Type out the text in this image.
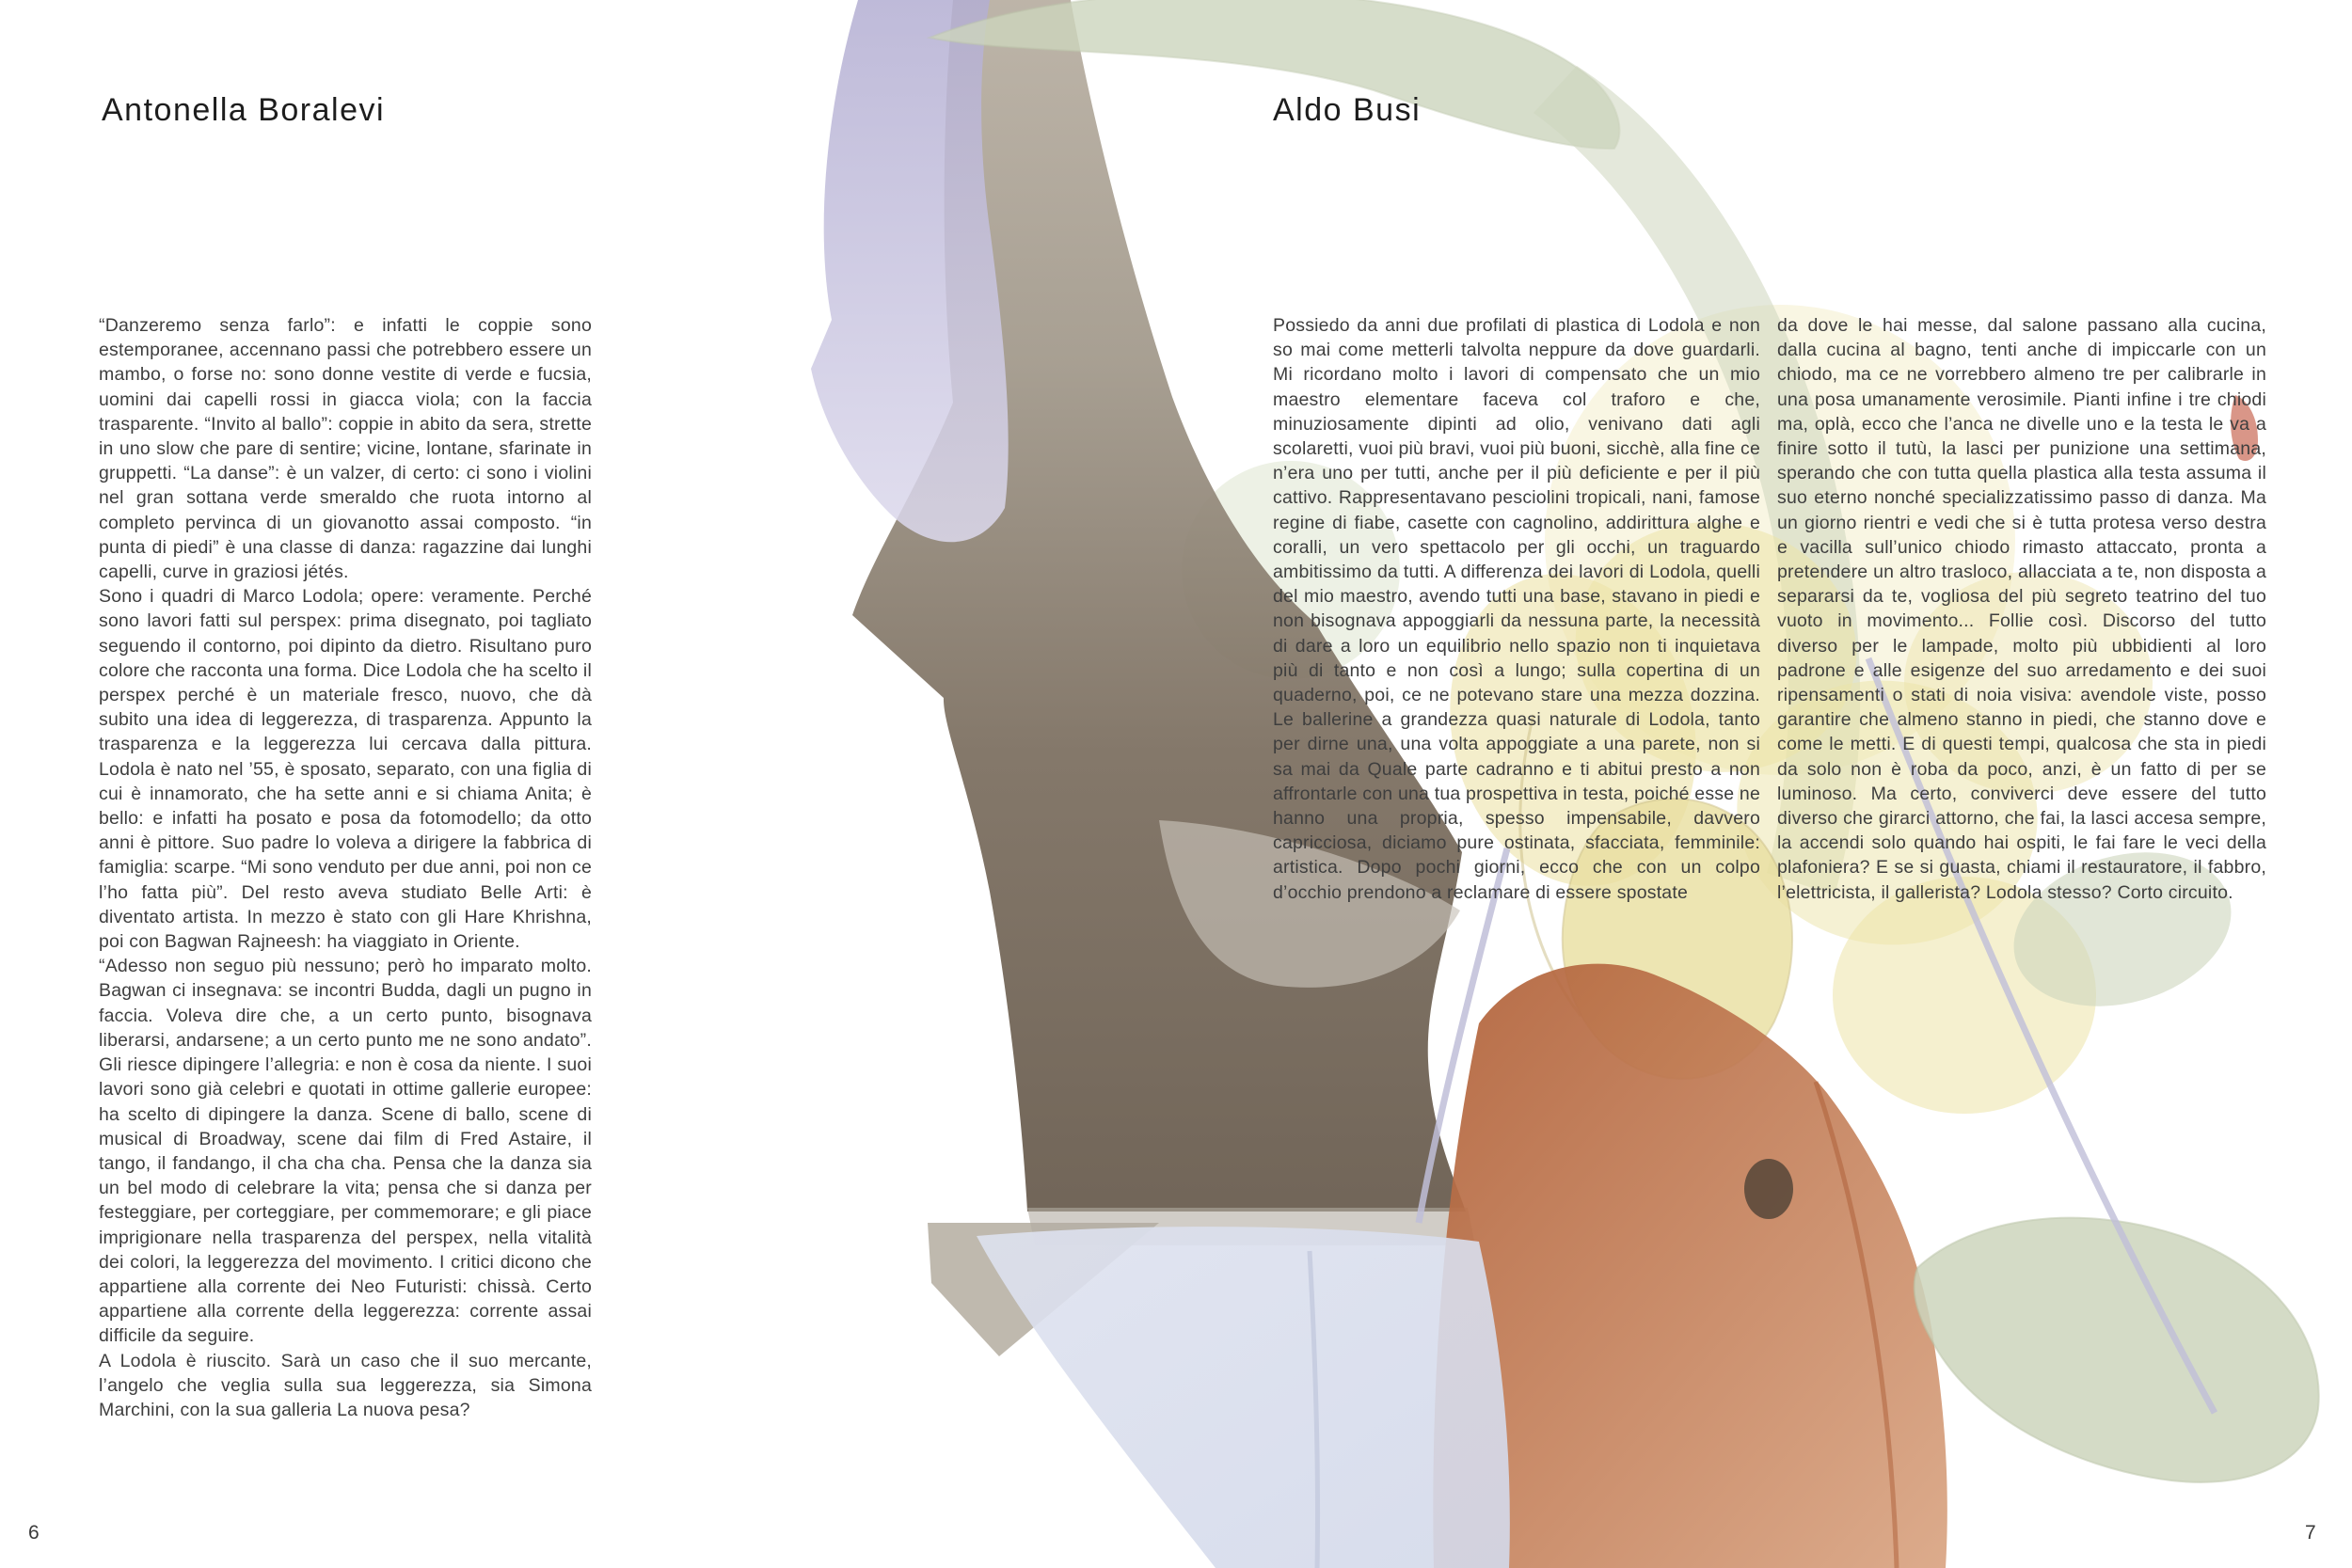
Antonella Boralevi
“Danzeremo senza farlo”: e infatti le coppie sono estemporanee, accennano passi che potrebbero essere un mambo, o forse no: sono donne vestite di verde e fucsia, uomini dai capelli rossi in giacca viola; con la faccia trasparente. “Invito al ballo”: coppie in abito da sera, strette in uno slow che pare di sentire; vicine, lontane, sfarinate in gruppetti. “La danse”: è un valzer, di certo: ci sono i violini nel gran sottana verde smeraldo che ruota intorno al completo pervinca di un giovanotto assai composto. “in punta di piedi” è una classe di danza: ragazzine dai lunghi capelli, curve in graziosi jétés.
Sono i quadri di Marco Lodola; opere: veramente. Perché sono lavori fatti sul perspex: prima disegnato, poi tagliato seguendo il contorno, poi dipinto da dietro. Risultano puro colore che racconta una forma. Dice Lodola che ha scelto il perspex perché è un materiale fresco, nuovo, che dà subito una idea di leggerezza, di trasparenza. Appunto la trasparenza e la leggerezza lui cercava dalla pittura. Lodola è nato nel ’55, è sposato, separato, con una figlia di cui è innamorato, che ha sette anni e si chiama Anita; è bello: e infatti ha posato e posa da fotomodello; da otto anni è pittore. Suo padre lo voleva a dirigere la fabbrica di famiglia: scarpe. “Mi sono venduto per due anni, poi non ce l’ho fatta più”. Del resto aveva studiato Belle Arti: è diventato artista. In mezzo è stato con gli Hare Khrishna, poi con Bagwan Rajneesh: ha viaggiato in Oriente.
“Adesso non seguo più nessuno; però ho imparato molto. Bagwan ci insegnava: se incontri Budda, dagli un pugno in faccia. Voleva dire che, a un certo punto, bisognava liberarsi, andarsene; a un certo punto me ne sono andato”. Gli riesce dipingere l’allegria: e non è cosa da niente. I suoi lavori sono già celebri e quotati in ottime gallerie europee: ha scelto di dipingere la danza. Scene di ballo, scene di musical di Broadway, scene dai film di Fred Astaire, il tango, il fandango, il cha cha cha. Pensa che la danza sia un bel modo di celebrare la vita; pensa che si danza per festeggiare, per corteggiare, per commemorare; e gli piace imprigionare nella trasparenza del perspex, nella vitalità dei colori, la leggerezza del movimento. I critici dicono che appartiene alla corrente dei Neo Futuristi: chissà. Certo appartiene alla corrente della leggerezza: corrente assai difficile da seguire.
A Lodola è riuscito. Sarà un caso che il suo mercante, l’angelo che veglia sulla sua leggerezza, sia Simona Marchini, con la sua galleria La nuova pesa?
6
Aldo Busi
Possiedo da anni due profilati di plastica di Lodola e non so mai come metterli talvolta neppure da dove guardarli. Mi ricordano molto i lavori di compensato che un mio maestro elementare faceva col traforo e che, minuziosamente dipinti ad olio, venivano dati agli scolaretti, vuoi più bravi, vuoi più buoni, sicchè, alla fine ce n’era uno per tutti, anche per il più deficiente e per il più cattivo. Rappresentavano pesciolini tropicali, nani, famose regine di fiabe, casette con cagnolino, addirittura alghe e coralli, un vero spettacolo per gli occhi, un traguardo ambitissimo da tutti. A differenza dei lavori di Lodola, quelli del mio maestro, avendo tutti una base, stavano in piedi e non bisognava appoggiarli da nessuna parte, la necessità di dare a loro un equilibrio nello spazio non ti inquietava più di tanto e non così a lungo; sulla copertina di un quaderno, poi, ce ne potevano stare una mezza dozzina. Le ballerine a grandezza quasi naturale di Lodola, tanto per dirne una, una volta appoggiate a una parete, non si sa mai da Quale parte cadranno e ti abitui presto a non affrontarle con una tua prospettiva in testa, poiché esse ne hanno una propria, spesso impensabile, davvero capricciosa, diciamo pure ostinata, sfacciata, femminile: artistica. Dopo pochi giorni, ecco che con un colpo d’occhio prendono a reclamare di essere spostate
da dove le hai messe, dal salone passano alla cucina, dalla cucina al bagno, tenti anche di impiccarle con un chiodo, ma ce ne vorrebbero almeno tre per calibrarle in una posa umanamente verosimile. Pianti infine i tre chiodi ma, oplà, ecco che l’anca ne divelle uno e la testa le va a finire sotto il tutù, la lasci per punizione una settimana, sperando che con tutta quella plastica alla testa assuma il suo eterno nonché specializzatissimo passo di danza. Ma un giorno rientri e vedi che si è tutta protesa verso destra e vacilla sull’unico chiodo rimasto attaccato, pronta a pretendere un altro trasloco, allacciata a te, non disposta a separarsi da te, vogliosa del più segreto teatrino del tuo vuoto in movimento... Follie così. Discorso del tutto diverso per le lampade, molto più ubbidienti al loro padrone e alle esigenze del suo arredamento e dei suoi ripensamenti o stati di noia visiva: avendole viste, posso garantire che almeno stanno in piedi, che stanno dove e come le metti. E di questi tempi, qualcosa che sta in piedi da solo non è roba da poco, anzi, è un fatto di per se luminoso. Ma certo, conviverci deve essere del tutto diverso che girarci attorno, che fai, la lasci accesa sempre, la accendi solo quando hai ospiti, le fai fare le veci della plafoniera? E se si guasta, chiami il restauratore, il fabbro, l’elettricista, il gallerista? Lodola stesso? Corto circuito.
7
